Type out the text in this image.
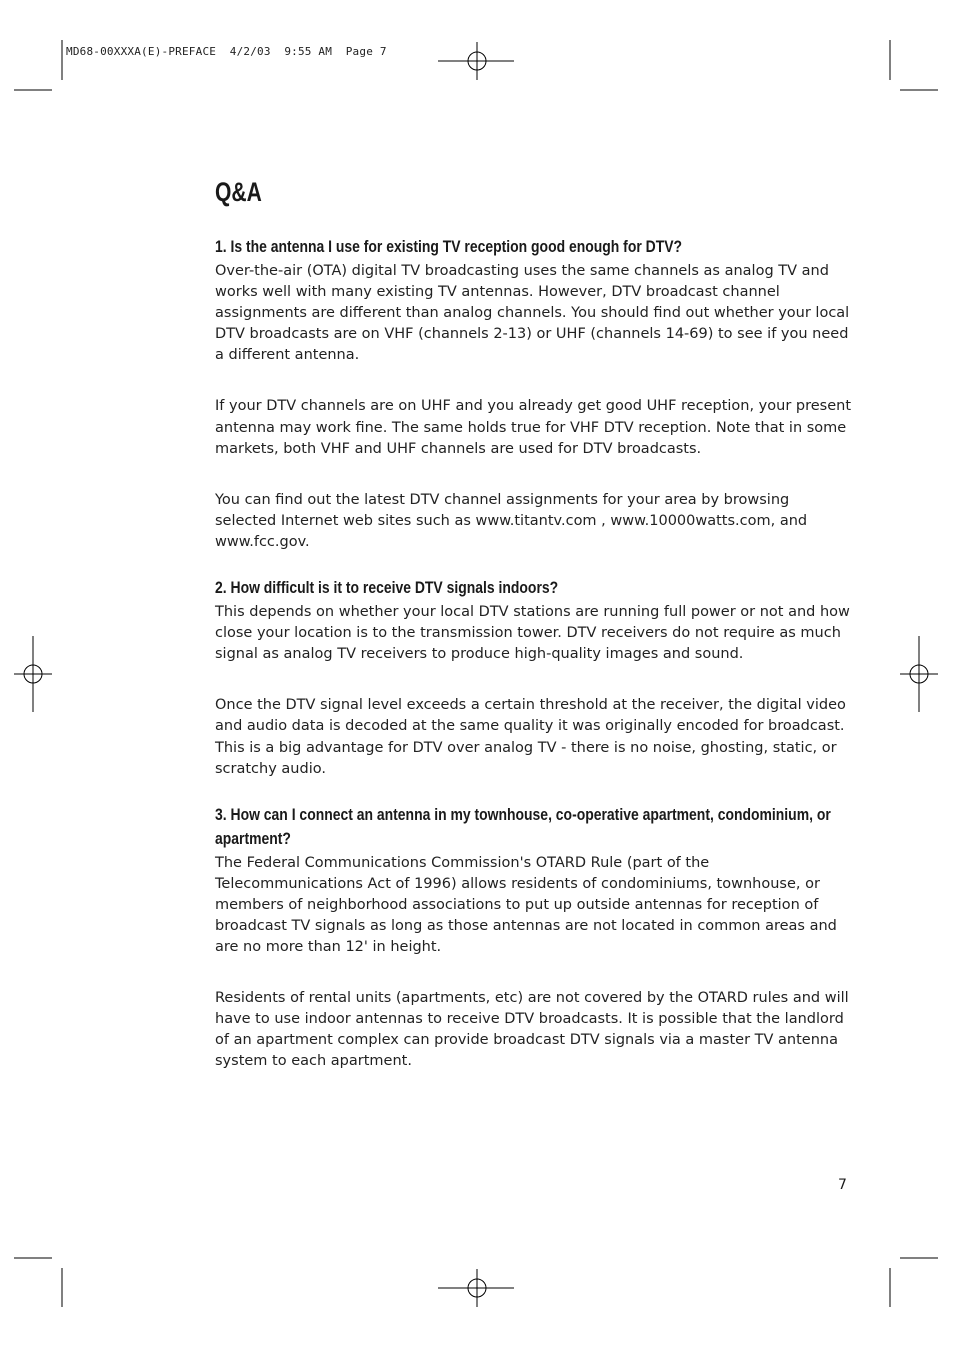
MD68-00XXXA(E)-PREFACE  4/2/03  9:55 AM  Page 7
Q&A
1. Is the antenna I use for existing TV reception good enough for DTV?

Over-the-air (OTA) digital TV broadcasting uses the same channels as analog TV and works well with many existing TV antennas. However, DTV broadcast channel assignments are different than analog channels. You should find out whether your local DTV broadcasts are on VHF (channels 2-13) or UHF (channels 14-69) to see if you need a different antenna.

If your DTV channels are on UHF and you already get good UHF reception, your present antenna may work fine. The same holds true for VHF DTV reception. Note that in some markets, both VHF and UHF channels are used for DTV broadcasts.

You can find out the latest DTV channel assignments for your area by browsing selected Internet web sites such as www.titantv.com , www.10000watts.com, and www.fcc.gov.

2. How difficult is it to receive DTV signals indoors?

This depends on whether your local DTV stations are running full power or not and how close your location is to the transmission tower. DTV receivers do not require as much signal as analog TV receivers to produce high-quality images and sound.

Once the DTV signal level exceeds a certain threshold at the receiver, the digital video and audio data is decoded at the same quality it was originally encoded for broadcast. This is a big advantage for DTV over analog TV - there is no noise, ghosting, static, or scratchy audio.

3. How can I connect an antenna in my townhouse, co-operative apartment, condominium, or apartment?

The Federal Communications Commission's OTARD Rule (part of the Telecommunications Act of 1996) allows residents of condominiums, townhouse, or members of neighborhood associations to put up outside antennas for reception of broadcast TV signals as long as those antennas are not located in common areas and are no more than 12' in height.

Residents of rental units (apartments, etc) are not covered by the OTARD rules and will have to use indoor antennas to receive DTV broadcasts. It is possible that the landlord of an apartment complex can provide broadcast DTV signals via a master TV antenna system to each apartment.

7
